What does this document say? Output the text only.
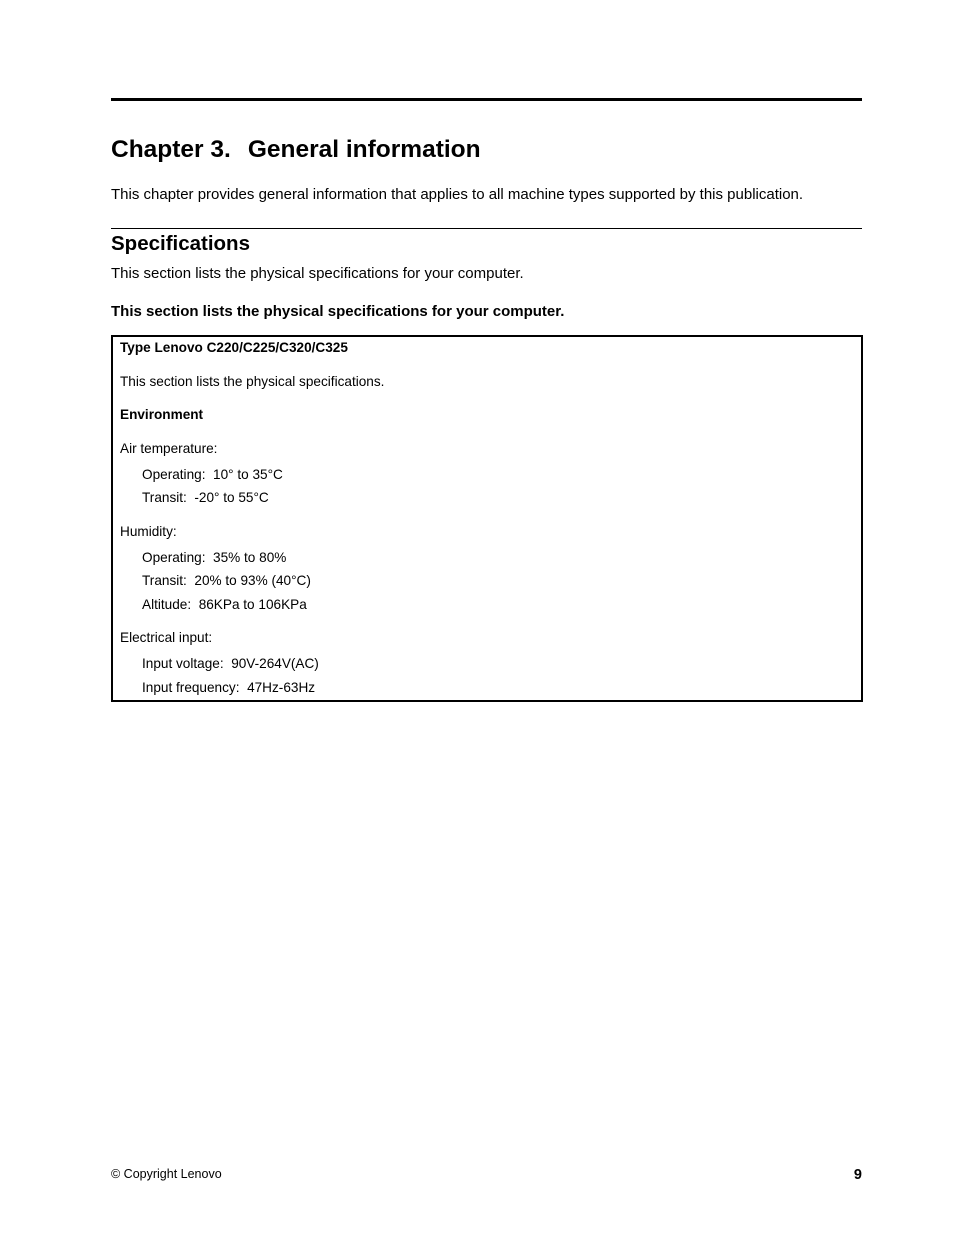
Chapter 3. General information

This chapter provides general information that applies to all machine types supported by this publication.

Specifications

This section lists the physical specifications for your computer.

This section lists the physical specifications for your computer.

Type Lenovo C220/C225/C320/C325

This section lists the physical specifications.

Environment

Air temperature:

Operating: 10° to 35°C

Transit: -20° to 55°C

Humidity:

Operating: 35% to 80%

Transit: 20% to 93% (40°C)

Altitude: 86KPa to 106KPa

Electrical input:

Input voltage: 90V-264V(AC)

Input frequency: 47Hz-63Hz

© Copyright Lenovo	9
